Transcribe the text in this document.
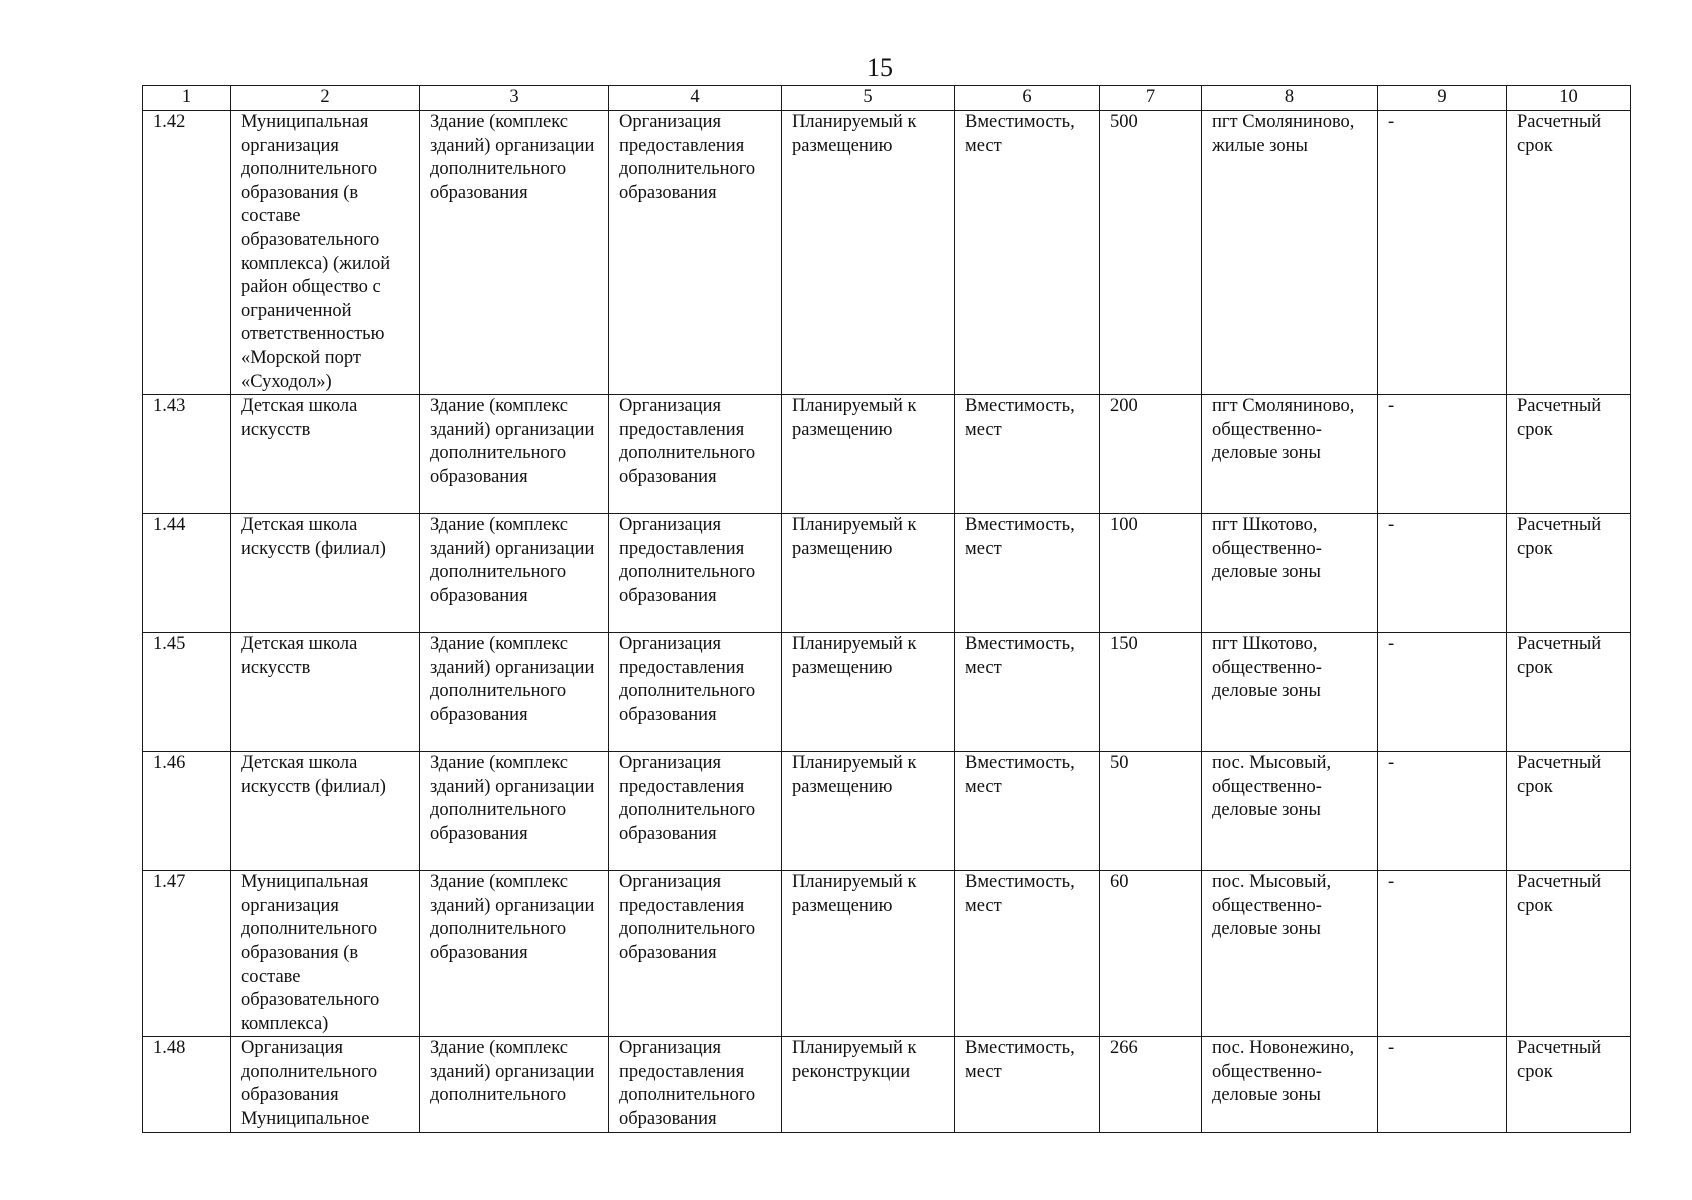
15
1	2	3	4	5	6	7	8	9	10
1.42	Муниципальная организация дополнительного образования (в составе образовательного комплекса) (жилой район общество с ограниченной ответственностью «Морской порт «Суходол»)	Здание (комплекс зданий) организации дополнительного образования	Организация предоставления дополнительного образования	Планируемый к размещению	Вместимость, мест	500	пгт Смоляниново, жилые зоны	-	Расчетный срок
1.43	Детская школа искусств	Здание (комплекс зданий) организации дополнительного образования	Организация предоставления дополнительного образования	Планируемый к размещению	Вместимость, мест	200	пгт Смоляниново, общественно-деловые зоны	-	Расчетный срок
1.44	Детская школа искусств (филиал)	Здание (комплекс зданий) организации дополнительного образования	Организация предоставления дополнительного образования	Планируемый к размещению	Вместимость, мест	100	пгт Шкотово, общественно-деловые зоны	-	Расчетный срок
1.45	Детская школа искусств	Здание (комплекс зданий) организации дополнительного образования	Организация предоставления дополнительного образования	Планируемый к размещению	Вместимость, мест	150	пгт Шкотово, общественно-деловые зоны	-	Расчетный срок
1.46	Детская школа искусств (филиал)	Здание (комплекс зданий) организации дополнительного образования	Организация предоставления дополнительного образования	Планируемый к размещению	Вместимость, мест	50	пос. Мысовый, общественно-деловые зоны	-	Расчетный срок
1.47	Муниципальная организация дополнительного образования (в составе образовательного комплекса)	Здание (комплекс зданий) организации дополнительного образования	Организация предоставления дополнительного образования	Планируемый к размещению	Вместимость, мест	60	пос. Мысовый, общественно-деловые зоны	-	Расчетный срок
1.48	Организация дополнительного образования Муниципальное	Здание (комплекс зданий) организации дополнительного	Организация предоставления дополнительного образования	Планируемый к реконструкции	Вместимость, мест	266	пос. Новонежино, общественно-деловые зоны	-	Расчетный срок
